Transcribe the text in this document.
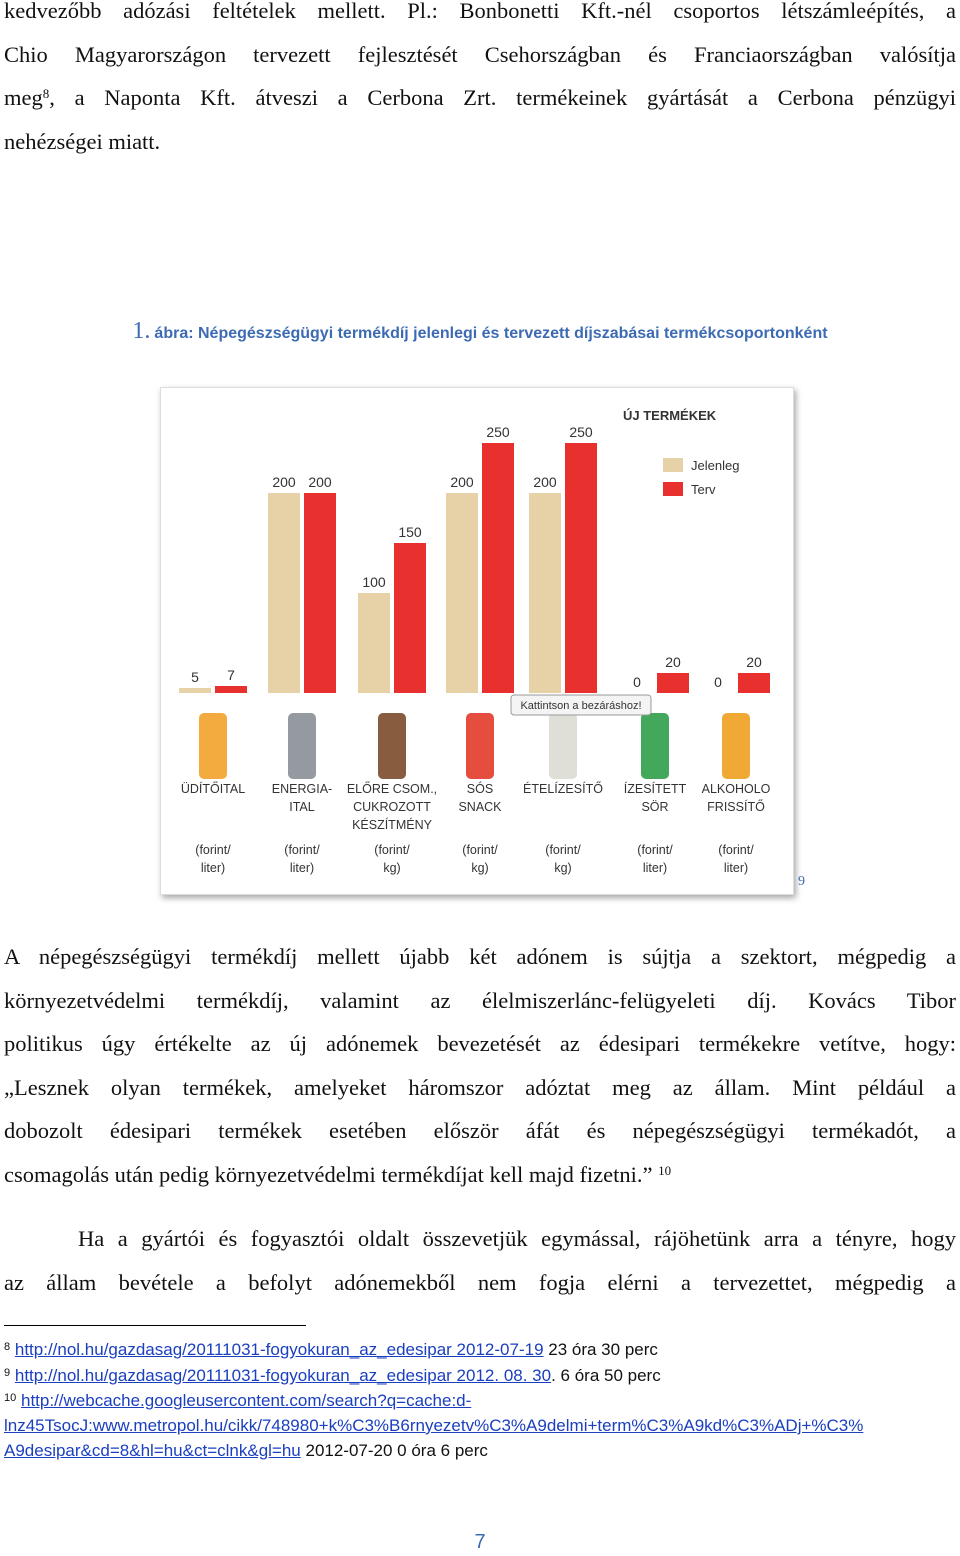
kedvezőbb adózási feltételek mellett. Pl.: Bonbonetti Kft.-nél csoportos létszámleépítés, a
Chio Magyarországon tervezett fejlesztését Csehországban és Franciaországban valósítja
meg$^8$, a Naponta Kft. átveszi a Cerbona Zrt. termékeinek gyártását a Cerbona pénzügyi
nehézségei miatt.
1. ábra: Népegészségügyi termékdíj jelenlegi és tervezett díjszabásai termékcsoportonként
ÚJ TERMÉKEK
Jelenleg
Terv
5 7
ÜDÍTŐITAL
(forint/
liter)
200 200
ENERGIA-
ITAL
(forint/
liter)
100
150
ELŐRE CSOM.,
CUKROZOTT
KÉSZÍTMÉNY
(forint/
kg)
200
250
SÓS
SNACK
(forint/
kg)
200
250
ÉTELÍZESÍTŐ
(forint/
kg)
0
20
ÍZESÍTETT
SÖR
(forint/
liter)
0
20
ALKOHOLO
FRISSÍTŐ
(forint/
liter)
Kattintson a bezáráshoz!
9
A népegészségügyi termékdíj mellett újabb két adónem is sújtja a szektort, mégpedig a
környezetvédelmi termékdíj, valamint az élelmiszerlánc-felügyeleti díj. Kovács Tibor
politikus úgy értékelte az új adónemek bevezetését az édesipari termékekre vetítve, hogy:
„Lesznek olyan termékek, amelyeket háromszor adóztat meg az állam. Mint például a
dobozolt édesipari termékek esetében először áfát és népegészségügyi termékadót, a
csomagolás után pedig környezetvédelmi termékdíjat kell majd fizetni.” $^{10}$
Ha a gyártói és fogyasztói oldalt összevetjük egymással, rájöhetünk arra a tényre, hogy
az állam bevétele a befolyt adónemekből nem fogja elérni a tervezettet, mégpedig a
$^8$ http://nol.hu/gazdasag/20111031-fogyokuran_az_edesipar 2012-07-19 23 óra 30 perc
$^9$ http://nol.hu/gazdasag/20111031-fogyokuran_az_edesipar 2012. 08. 30. 6 óra 50 perc
$^{10}$ http://webcache.googleusercontent.com/search?q=cache:d-
lnz45TsocJ:www.metropol.hu/cikk/748980+k%C3%B6rnyezetv%C3%A9delmi+term%C3%A9kd%C3%ADj+%C3%
A9desipar&cd=8&hl=hu&ct=clnk&gl=hu 2012-07-20 0 óra 6 perc
7
